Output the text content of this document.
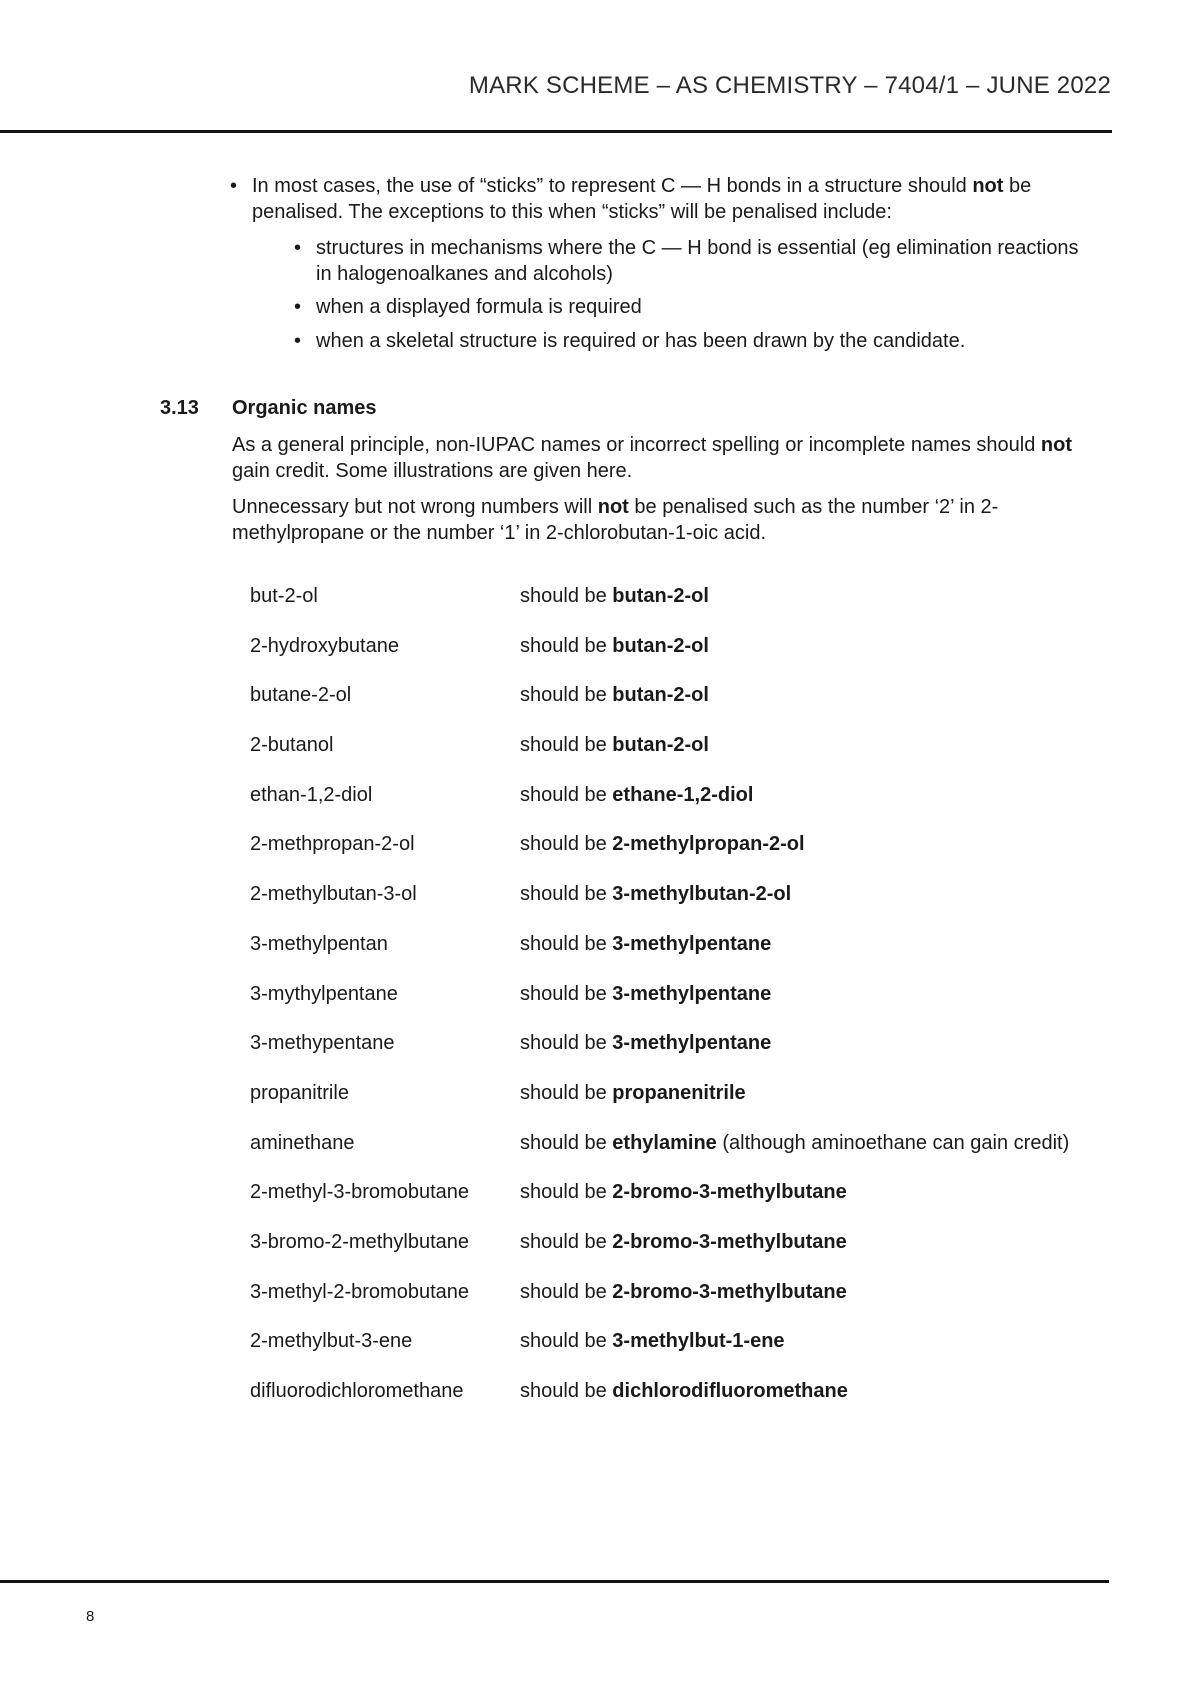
MARK SCHEME – AS CHEMISTRY – 7404/1 – JUNE 2022
• In most cases, the use of “sticks” to represent C — H bonds in a structure should not be penalised. The exceptions to this when “sticks” will be penalised include:
• structures in mechanisms where the C — H bond is essential (eg elimination reactions in halogenoalkanes and alcohols)
• when a displayed formula is required
• when a skeletal structure is required or has been drawn by the candidate.
3.13 Organic names
As a general principle, non-IUPAC names or incorrect spelling or incomplete names should not gain credit. Some illustrations are given here.
Unnecessary but not wrong numbers will not be penalised such as the number ‘2’ in 2-methylpropane or the number ‘1’ in 2-chlorobutan-1-oic acid.
but-2-ol	should be butan-2-ol
2-hydroxybutane	should be butan-2-ol
butane-2-ol	should be butan-2-ol
2-butanol	should be butan-2-ol
ethan-1,2-diol	should be ethane-1,2-diol
2-methpropan-2-ol	should be 2-methylpropan-2-ol
2-methylbutan-3-ol	should be 3-methylbutan-2-ol
3-methylpentan	should be 3-methylpentane
3-mythylpentane	should be 3-methylpentane
3-methypentane	should be 3-methylpentane
propanitrile	should be propanenitrile
aminethane	should be ethylamine (although aminoethane can gain credit)
2-methyl-3-bromobutane	should be 2-bromo-3-methylbutane
3-bromo-2-methylbutane	should be 2-bromo-3-methylbutane
3-methyl-2-bromobutane	should be 2-bromo-3-methylbutane
2-methylbut-3-ene	should be 3-methylbut-1-ene
difluorodichloromethane	should be dichlorodifluoromethane
8
